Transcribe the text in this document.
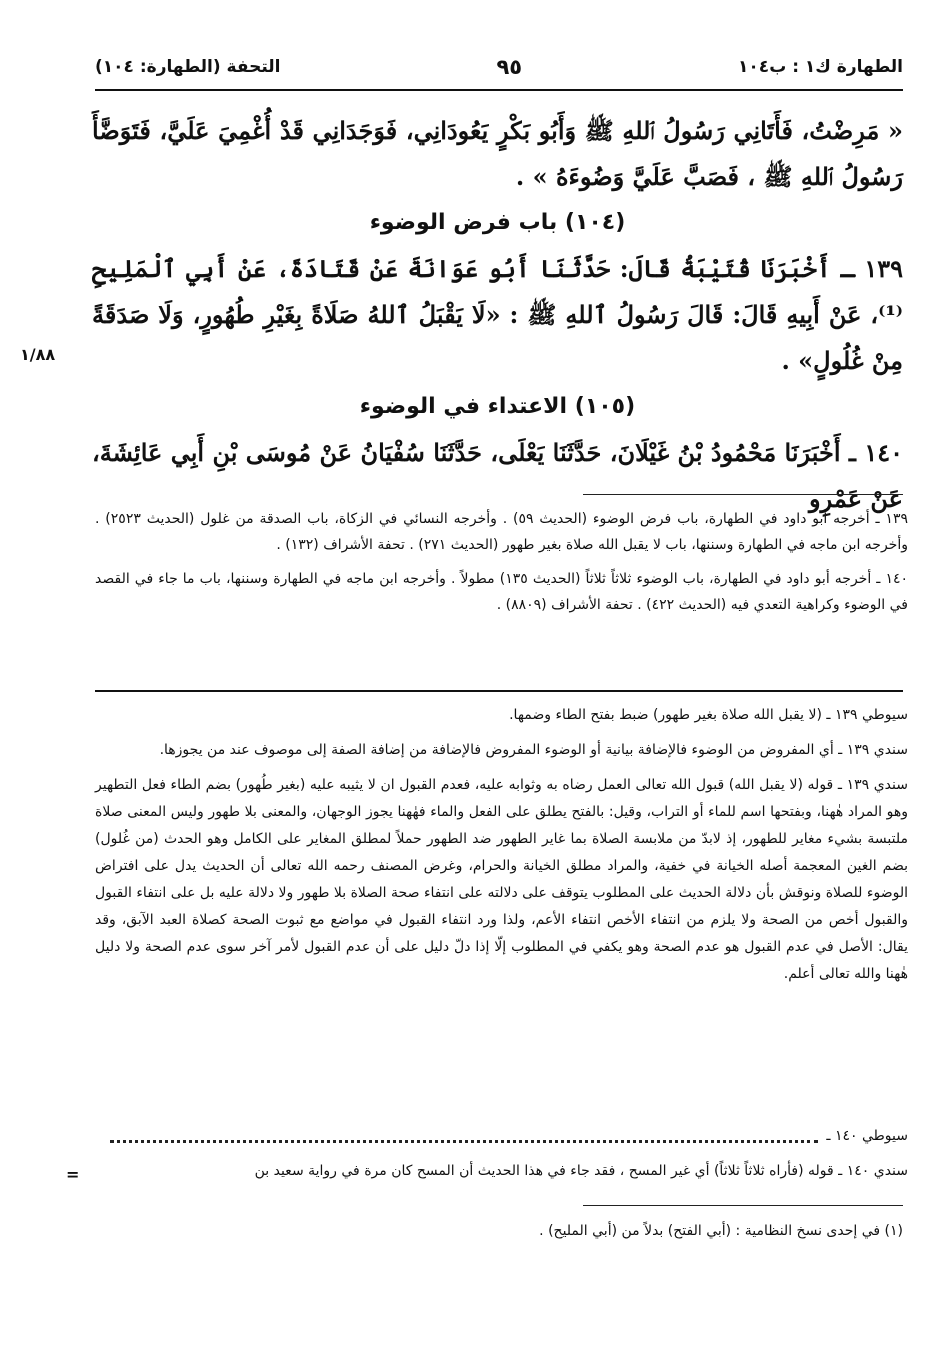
الطهارة ك١ : ب١٠٤
٩٥
التحفة (الطهارة: ١٠٤)

« مَرِضْتُ، فَأَتَانِي رَسُولُ ٱللهِ ﷺ وَأَبُو بَكْرٍ يَعُودَانِي، فَوَجَدَانِي قَدْ أُغْمِيَ عَلَيَّ، فَتَوَضَّأَ رَسُولُ ٱللهِ ﷺ ، فَصَبَّ عَلَيَّ وَضُوءَهُ » .

(١٠٤) باب فرض الوضوء

١٣٩ ـ أَخْبَرَنَا قُتَيْبَةُ قَالَ: حَدَّثَنَا أَبُو عَوَانَةَ عَنْ قَتَادَةَ، عَنْ أَبِي ٱلْمَلِيحِ ⁽¹⁾، عَنْ أَبِيهِ قَالَ: قَالَ رَسُولُ ٱللهِ ﷺ : «لَا يَقْبَلُ ٱللهُ صَلَاةً بِغَيْرِ طُهُورٍ، وَلَا صَدَقَةً مِنْ غُلُولٍ» .

(١٠٥) الاعتداء في الوضوء

١٤٠ ـ أَخْبَرَنَا مَحْمُودُ بْنُ غَيْلَانَ، حَدَّثَنَا يَعْلَى، حَدَّثَنَا سُفْيَانُ عَنْ مُوسَى بْنِ أَبِي عَائِشَةَ، عَنْ عَمْرِو

١/٨٨

١٣٩ ـ أخرجه أبو داود في الطهارة، باب فرض الوضوء (الحديث ٥٩) . وأخرجه النسائي في الزكاة، باب الصدقة من غلول (الحديث ٢٥٢٣) . وأخرجه ابن ماجه في الطهارة وسننها، باب لا يقبل الله صلاة بغير طهور (الحديث ٢٧١) . تحفة الأشراف (١٣٢) .

١٤٠ ـ أخرجه أبو داود في الطهارة، باب الوضوء ثلاثاً ثلاثاً (الحديث ١٣٥) مطولاً . وأخرجه ابن ماجه في الطهارة وسننها، باب ما جاء في القصد في الوضوء وكراهية التعدي فيه (الحديث ٤٢٢) . تحفة الأشراف (٨٨٠٩) .

سيوطي ١٣٩ ـ (لا يقبل الله صلاة بغير طهور) ضبط بفتح الطاء وضمها.

سندي ١٣٩ ـ أي المفروض من الوضوء فالإضافة بيانية أو الوضوء المفروض فالإضافة من إضافة الصفة إلى موصوف عند من يجوزها.

سندي ١٣٩ ـ قوله (لا يقبل الله) قبول الله تعالى العمل رضاه به وثوابه عليه، فعدم القبول ان لا يثيبه عليه (بغير طُهور) بضم الطاء فعل التطهير وهو المراد هٰهنا، وبفتحها اسم للماء أو التراب، وقيل: بالفتح يطلق على الفعل والماء فهٰهنا يجوز الوجهان، والمعنى بلا طهور وليس المعنى صلاة ملتبسة بشيء مغاير للطهور، إذ لابدّ من ملابسة الصلاة بما غاير الطهور ضد الطهور حملاً لمطلق المغاير على الكامل وهو الحدث (من غُلول) بضم الغين المعجمة أصله الخيانة في خفية، والمراد مطلق الخيانة والحرام، وغرض المصنف رحمه الله تعالى أن الحديث يدل على افتراض الوضوء للصلاة ونوقش بأن دلالة الحديث على المطلوب يتوقف على دلالته على انتفاء صحة الصلاة بلا طهور ولا دلالة عليه بل على انتفاء القبول والقبول أخص من الصحة ولا يلزم من انتفاء الأخص انتفاء الأعم، ولذا ورد انتفاء القبول في مواضع مع ثبوت الصحة كصلاة العبد الآبق، وقد يقال: الأصل في عدم القبول هو عدم الصحة وهو يكفي في المطلوب إلّا إذا دلّ دليل على أن عدم القبول لأمر آخر سوى عدم الصحة ولا دليل هٰهنا والله تعالى أعلم.

سيوطي ١٤٠ ـ

سندي ١٤٠ ـ قوله (فأراه ثلاثاً ثلاثاً) أي غير المسح ، فقد جاء في هذا الحديث أن المسح كان مرة في رواية سعيد بن

=
(١) في إحدى نسخ النظامية : (أبي الفتح) بدلاً من (أبي المليح) .
